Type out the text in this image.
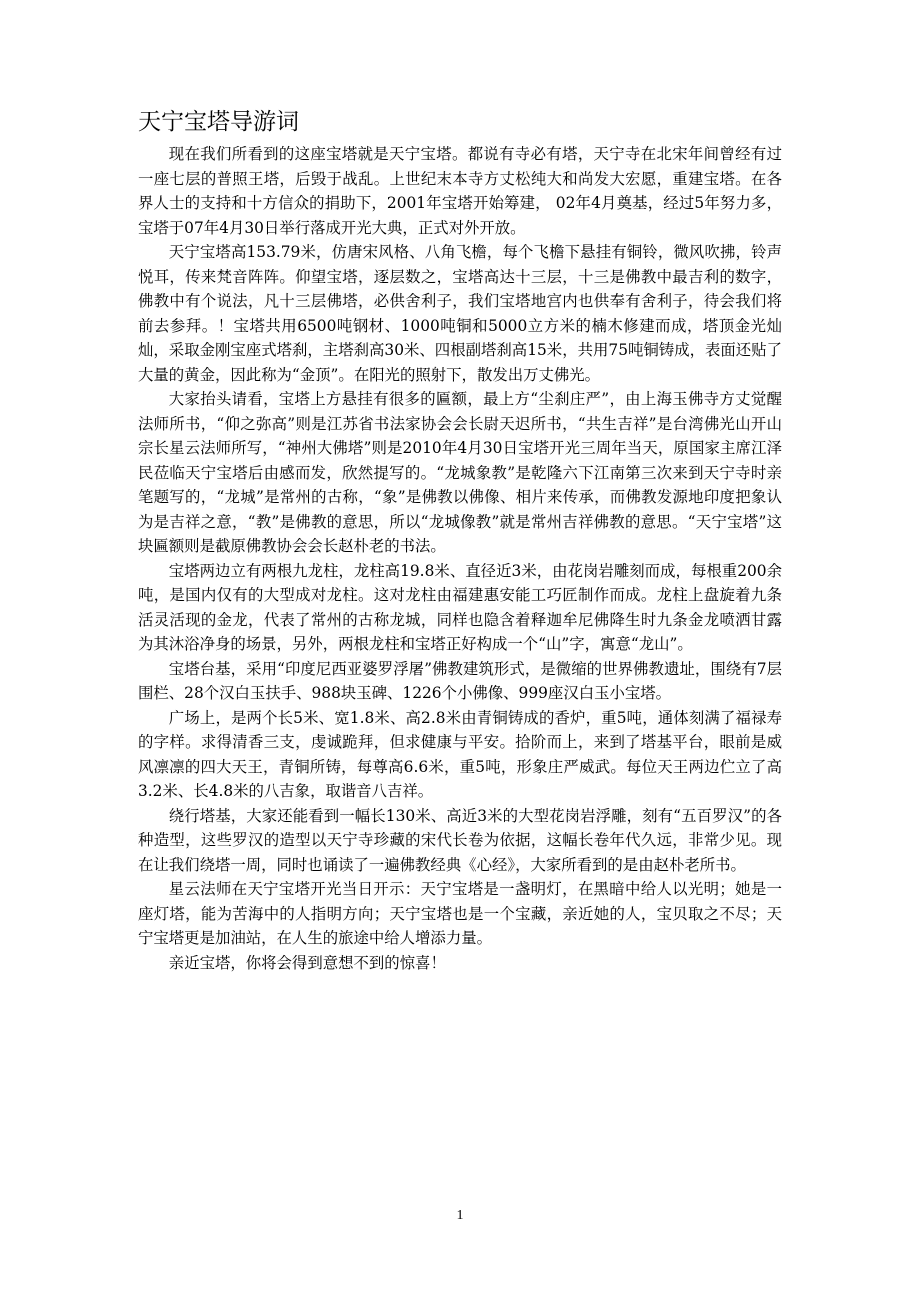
天宁宝塔导游词

现在我们所看到的这座宝塔就是天宁宝塔。都说有寺必有塔，天宁寺在北宋年间曾经有过一座七层的普照王塔，后毁于战乱。上世纪末本寺方丈松纯大和尚发大宏愿，重建宝塔。在各界人士的支持和十方信众的捐助下，2001年宝塔开始筹建， 02年4月奠基，经过5年努力多，宝塔于07年4月30日举行落成开光大典，正式对外开放。

天宁宝塔高153.79米，仿唐宋风格、八角飞檐，每个飞檐下悬挂有铜铃，微风吹拂，铃声悦耳，传来梵音阵阵。仰望宝塔，逐层数之，宝塔高达十三层，十三是佛教中最吉利的数字，佛教中有个说法，凡十三层佛塔，必供舍利子，我们宝塔地宫内也供奉有舍利子，待会我们将前去参拜。！宝塔共用6500吨钢材、1000吨铜和5000立方米的楠木修建而成，塔顶金光灿灿，采取金刚宝座式塔刹，主塔刹高30米、四根副塔刹高15米，共用75吨铜铸成，表面还贴了大量的黄金，因此称为“金顶”。在阳光的照射下，散发出万丈佛光。

大家抬头请看，宝塔上方悬挂有很多的匾额，最上方“尘刹庄严”，由上海玉佛寺方丈觉醒法师所书，“仰之弥高”则是江苏省书法家协会会长尉天迟所书，“共生吉祥”是台湾佛光山开山宗长星云法师所写，“神州大佛塔”则是2010年4月30日宝塔开光三周年当天，原国家主席江泽民莅临天宁宝塔后由感而发，欣然提写的。“龙城象教”是乾隆六下江南第三次来到天宁寺时亲笔题写的，“龙城”是常州的古称，“象”是佛教以佛像、相片来传承，而佛教发源地印度把象认为是吉祥之意，“教”是佛教的意思，所以“龙城像教”就是常州吉祥佛教的意思。“天宁宝塔”这块匾额则是截原佛教协会会长赵朴老的书法。

宝塔两边立有两根九龙柱，龙柱高19.8米、直径近3米，由花岗岩雕刻而成，每根重200余吨，是国内仅有的大型成对龙柱。这对龙柱由福建惠安能工巧匠制作而成。龙柱上盘旋着九条活灵活现的金龙，代表了常州的古称龙城，同样也隐含着释迦牟尼佛降生时九条金龙喷洒甘露为其沐浴净身的场景，另外，两根龙柱和宝塔正好构成一个“山”字，寓意“龙山”。

宝塔台基，采用“印度尼西亚婆罗浮屠”佛教建筑形式，是微缩的世界佛教遗址，围绕有7层围栏、28个汉白玉扶手、988块玉碑、1226个小佛像、999座汉白玉小宝塔。

广场上，是两个长5米、宽1.8米、高2.8米由青铜铸成的香炉，重5吨，通体刻满了福禄寿的字样。求得清香三支，虔诚跪拜，但求健康与平安。拾阶而上，来到了塔基平台，眼前是威风凛凛的四大天王，青铜所铸，每尊高6.6米，重5吨，形象庄严威武。每位天王两边伫立了高3.2米、长4.8米的八吉象，取谐音八吉祥。

绕行塔基，大家还能看到一幅长130米、高近3米的大型花岗岩浮雕，刻有“五百罗汉”的各种造型，这些罗汉的造型以天宁寺珍藏的宋代长卷为依据，这幅长卷年代久远，非常少见。现在让我们绕塔一周，同时也诵读了一遍佛教经典《心经》，大家所看到的是由赵朴老所书。

星云法师在天宁宝塔开光当日开示：天宁宝塔是一盏明灯，在黑暗中给人以光明；她是一座灯塔，能为苦海中的人指明方向；天宁宝塔也是一个宝藏，亲近她的人，宝贝取之不尽；天宁宝塔更是加油站，在人生的旅途中给人增添力量。

亲近宝塔，你将会得到意想不到的惊喜！

1
